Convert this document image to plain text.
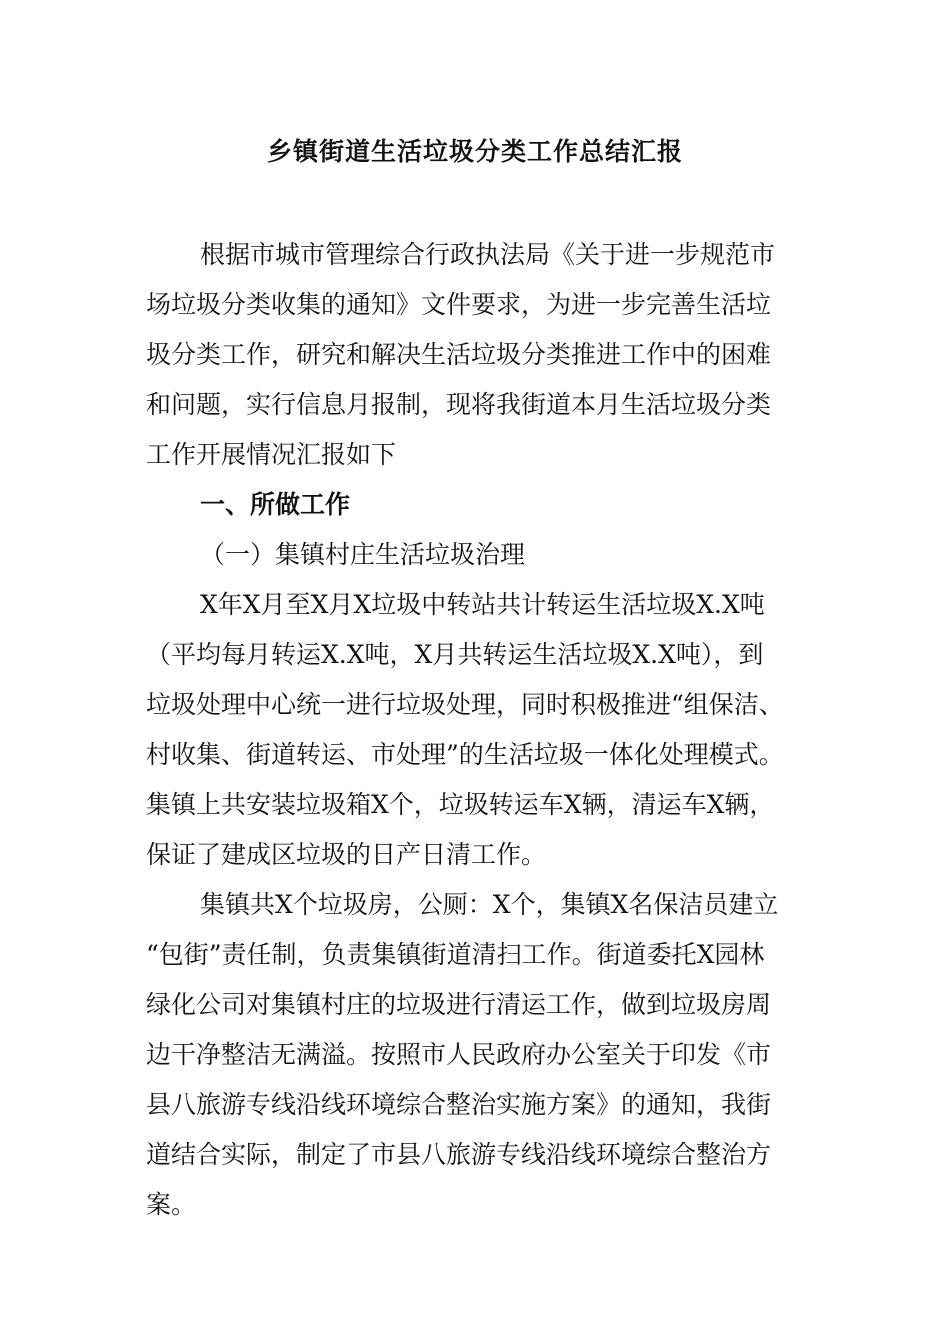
乡镇街道生活垃圾分类工作总结汇报
根据市城市管理综合行政执法局《关于进一步规范市
场垃圾分类收集的通知》文件要求，为进一步完善生活垃
圾分类工作，研究和解决生活垃圾分类推进工作中的困难
和问题，实行信息月报制，现将我街道本月生活垃圾分类
工作开展情况汇报如下
一、所做工作
（一）集镇村庄生活垃圾治理
X年X月至X月X垃圾中转站共计转运生活垃圾X.X吨
（平均每月转运X.X吨，X月共转运生活垃圾X.X吨），到
垃圾处理中心统一进行垃圾处理，同时积极推进“组保洁、
村收集、街道转运、市处理”的生活垃圾一体化处理模式。
集镇上共安装垃圾箱X个，垃圾转运车X辆，清运车X辆，
保证了建成区垃圾的日产日清工作。
集镇共X个垃圾房，公厕：X个，集镇X名保洁员建立
“包街”责任制，负责集镇街道清扫工作。街道委托X园林
绿化公司对集镇村庄的垃圾进行清运工作，做到垃圾房周
边干净整洁无满溢。按照市人民政府办公室关于印发《市
县八旅游专线沿线环境综合整治实施方案》的通知，我街
道结合实际，制定了市县八旅游专线沿线环境综合整治方
案。
